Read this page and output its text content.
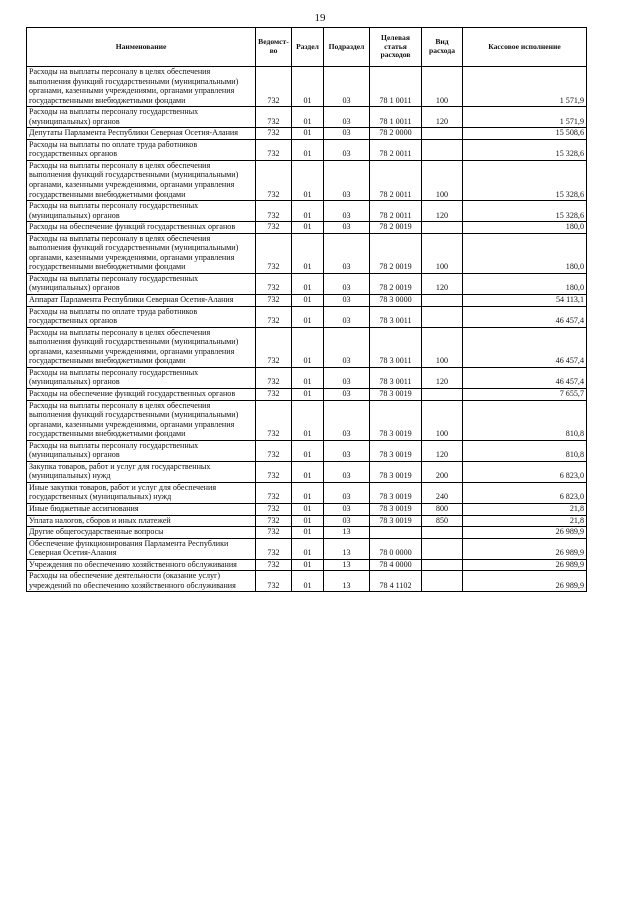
19
Наименование	Ведомст-во	Раздел	Подраздел	Целевая статья расходов	Вид расхода	Кассовое исполнение
Расходы на выплаты персоналу в целях обеспечения выполнения функций государственными (муниципальными) органами, казенными учреждениями, органами управления государственными внебюджетными фондами	732	01	03	78 1 0011	100	1 571,9
Расходы на выплаты персоналу государственных (муниципальных) органов	732	01	03	78 1 0011	120	1 571,9
Депутаты Парламента Республики Северная Осетия-Алания	732	01	03	78 2 0000		15 508,6
Расходы на выплаты по оплате труда работников государственных органов	732	01	03	78 2 0011		15 328,6
Расходы на выплаты персоналу в целях обеспечения выполнения функций государственными (муниципальными) органами, казенными учреждениями, органами управления государственными внебюджетными фондами	732	01	03	78 2 0011	100	15 328,6
Расходы на выплаты персоналу государственных (муниципальных) органов	732	01	03	78 2 0011	120	15 328,6
Расходы на обеспечение функций государственных органов	732	01	03	78 2 0019		180,0
Расходы на выплаты персоналу в целях обеспечения выполнения функций государственными (муниципальными) органами, казенными учреждениями, органами управления государственными внебюджетными фондами	732	01	03	78 2 0019	100	180,0
Расходы на выплаты персоналу государственных (муниципальных) органов	732	01	03	78 2 0019	120	180,0
Аппарат Парламента Республики Северная Осетия-Алания	732	01	03	78 3 0000		54 113,1
Расходы на выплаты по оплате труда работников государственных органов	732	01	03	78 3 0011		46 457,4
Расходы на выплаты персоналу в целях обеспечения выполнения функций государственными (муниципальными) органами, казенными учреждениями, органами управления государственными внебюджетными фондами	732	01	03	78 3 0011	100	46 457,4
Расходы на выплаты персоналу государственных (муниципальных) органов	732	01	03	78 3 0011	120	46 457,4
Расходы на обеспечение функций государственных органов	732	01	03	78 3 0019		7 655,7
Расходы на выплаты персоналу в целях обеспечения выполнения функций государственными (муниципальными) органами, казенными учреждениями, органами управления государственными внебюджетными фондами	732	01	03	78 3 0019	100	810,8
Расходы на выплаты персоналу государственных (муниципальных) органов	732	01	03	78 3 0019	120	810,8
Закупка товаров, работ и услуг для государственных (муниципальных) нужд	732	01	03	78 3 0019	200	6 823,0
Иные закупки товаров, работ и услуг для обеспечения государственных (муниципальных) нужд	732	01	03	78 3 0019	240	6 823,0
Иные бюджетные ассигнования	732	01	03	78 3 0019	800	21,8
Уплата налогов, сборов и иных платежей	732	01	03	78 3 0019	850	21,8
Другие общегосударственные вопросы	732	01	13			26 989,9
Обеспечение функционирования Парламента Республики Северная Осетия-Алания	732	01	13	78 0 0000		26 989,9
Учреждения по обеспечению хозяйственного обслуживания	732	01	13	78 4 0000		26 989,9
Расходы на обеспечение деятельности (оказание услуг) учреждений по обеспечению хозяйственного обслуживания	732	01	13	78 4 1102		26 989,9
